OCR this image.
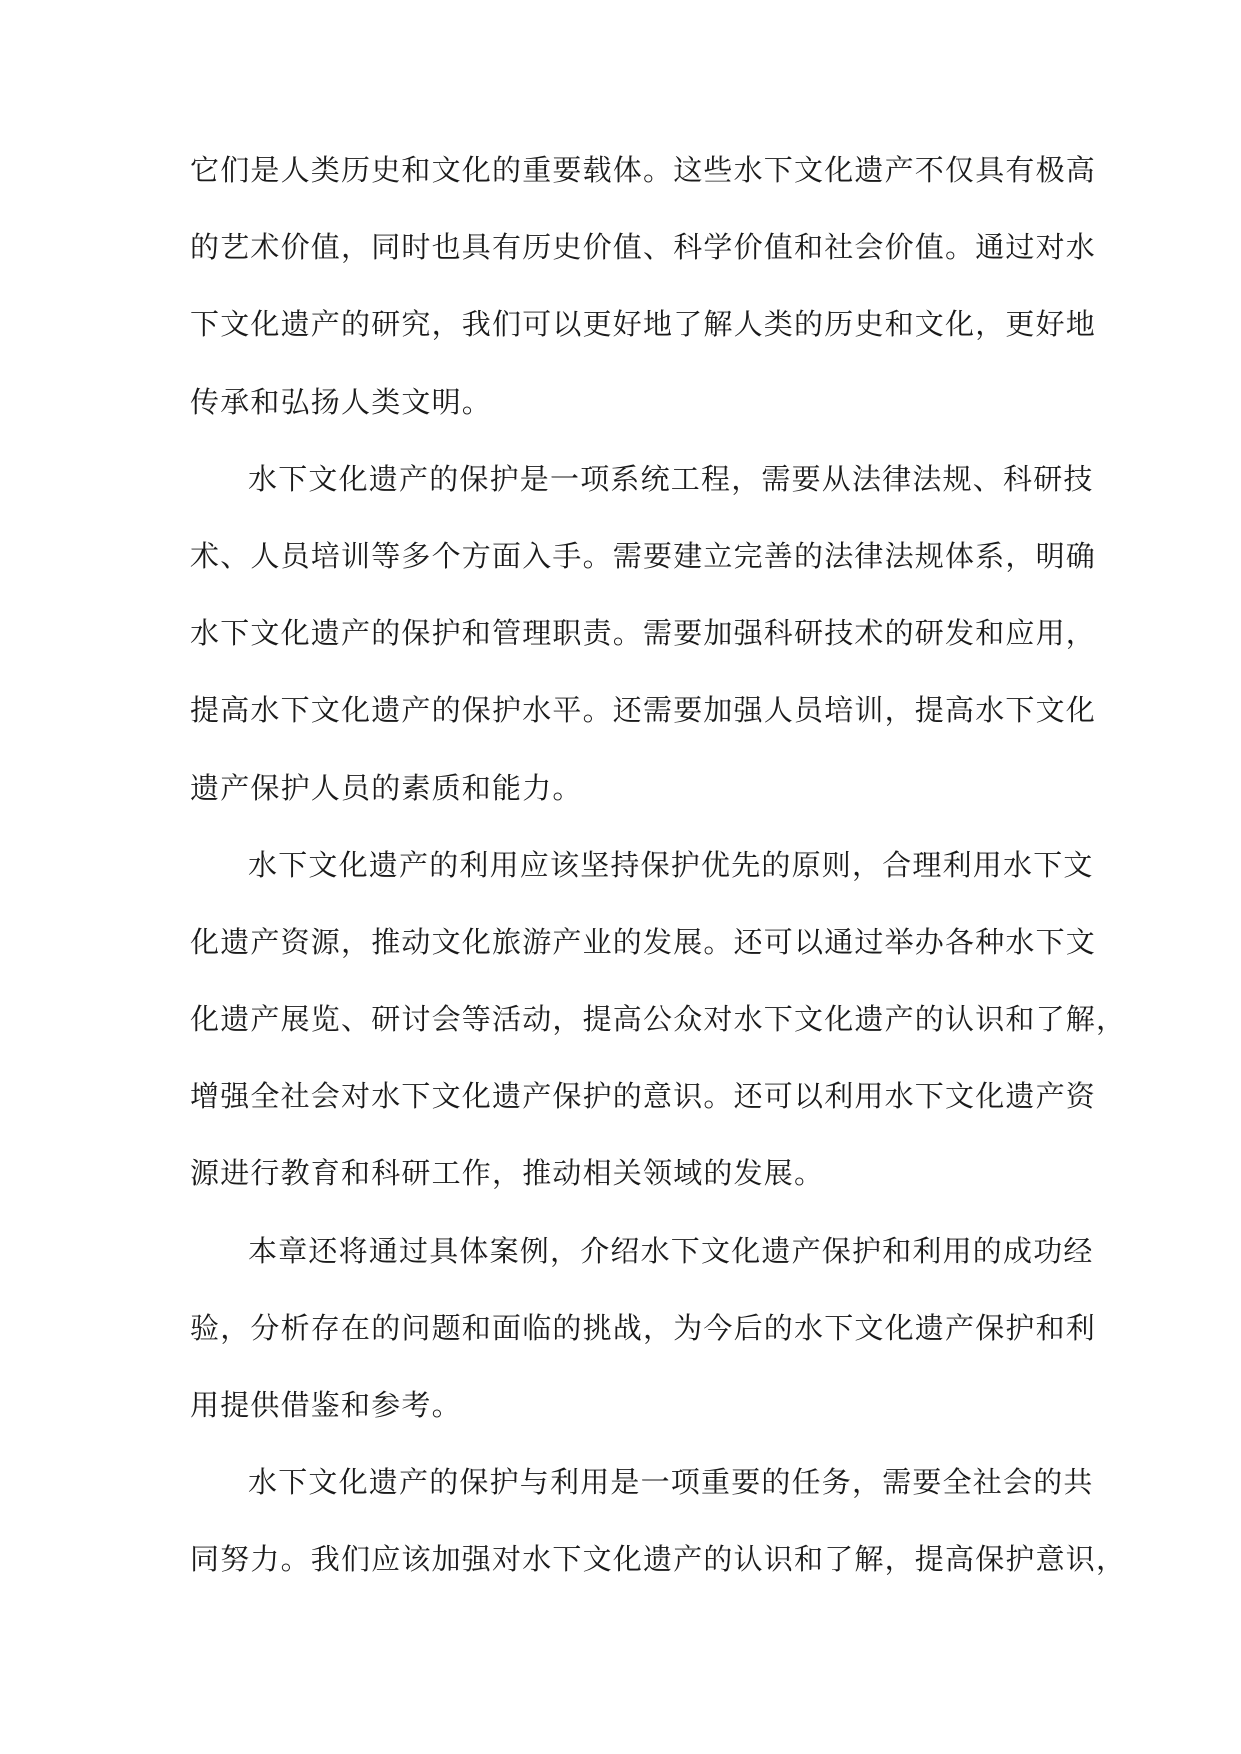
它们是人类历史和文化的重要载体。这些水下文化遗产不仅具有极高
的艺术价值，同时也具有历史价值、科学价值和社会价值。通过对水
下文化遗产的研究，我们可以更好地了解人类的历史和文化，更好地
传承和弘扬人类文明。
水下文化遗产的保护是一项系统工程，需要从法律法规、科研技
术、人员培训等多个方面入手。需要建立完善的法律法规体系，明确
水下文化遗产的保护和管理职责。需要加强科研技术的研发和应用，
提高水下文化遗产的保护水平。还需要加强人员培训，提高水下文化
遗产保护人员的素质和能力。
水下文化遗产的利用应该坚持保护优先的原则，合理利用水下文
化遗产资源，推动文化旅游产业的发展。还可以通过举办各种水下文
化遗产展览、研讨会等活动，提高公众对水下文化遗产的认识和了解，
增强全社会对水下文化遗产保护的意识。还可以利用水下文化遗产资
源进行教育和科研工作，推动相关领域的发展。
本章还将通过具体案例，介绍水下文化遗产保护和利用的成功经
验，分析存在的问题和面临的挑战，为今后的水下文化遗产保护和利
用提供借鉴和参考。
水下文化遗产的保护与利用是一项重要的任务，需要全社会的共
同努力。我们应该加强对水下文化遗产的认识和了解，提高保护意识，
